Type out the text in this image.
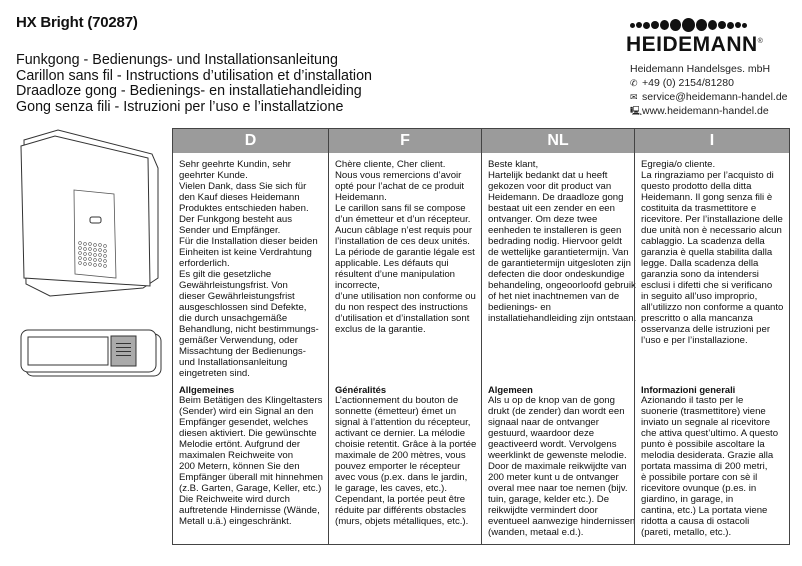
HX Bright (70287)
Funkgong - Bedienungs- und Installationsanleitung
Carillon sans fil - Instructions d’utilisation et d’installation
Draadloze gong - Bedienings- en installatiehandleiding
Gong senza fili - Istruzioni per l’uso e l’installatzione
HEIDEMANN®
Heidemann Handelsges. mbH
✆ +49 (0) 2154/81280
✉ service@heidemann-handel.de
🖳www.heidemann-handel.de
D
Sehr geehrte Kundin, sehr
geehrter Kunde.
Vielen Dank, dass Sie sich für
den Kauf dieses Heidemann
Produktes entschieden haben.
Der Funkgong besteht aus
Sender und Empfänger.
Für die Installation dieser beiden
Einheiten ist keine Verdrahtung
erforderlich.
Es gilt die gesetzliche
Gewährleistungsfrist. Von
dieser Gewährleistungsfrist
ausgeschlossen sind Defekte,
die durch unsachgemäße
Behandlung, nicht bestimmungs-
gemäßer Verwendung, oder
Missachtung der Bedienungs-
und Installationsanleitung
eingetreten sind.
Allgemeines
Beim Betätigen des Klingeltasters
(Sender) wird ein Signal an den
Empfänger gesendet, welches
diesen aktiviert. Die gewünschte
Melodie ertönt. Aufgrund der
maximalen Reichweite von
200 Metern, können Sie den
Empfänger überall mit hinnehmen
(z.B. Garten, Garage, Keller, etc.)
Die Reichweite wird durch
auftretende Hindernisse (Wände,
Metall u.ä.) eingeschränkt.
F
Chère cliente, Cher client.
Nous vous remercions d’avoir
opté pour l’achat de ce produit
Heidemann.
Le carillon sans fil se compose
d’un émetteur et d’un récepteur.
Aucun câblage n’est requis pour
l’installation de ces deux unités.
La période de garantie légale est
applicable. Les défauts qui
résultent d’une manipulation
incorrecte,
d’une utilisation non conforme ou
du non respect des instructions
d’utilisation et d’installation sont
exclus de la garantie.
Généralités
L’actionnement du bouton de
sonnette (émetteur) émet un
signal à l’attention du récepteur,
activant ce dernier. La mélodie
choisie retentit. Grâce à la portée
maximale de 200 mètres, vous
pouvez emporter le récepteur
avec vous (p.ex. dans le jardin,
le garage, les caves, etc.).
Cependant, la portée peut être
réduite par différents obstacles
(murs, objets métalliques, etc.).
NL
Beste klant,
Hartelijk bedankt dat u heeft
gekozen voor dit product van
Heidemann. De draadloze gong
bestaat uit een zender en een
ontvanger. Om deze twee
eenheden te installeren is geen
bedrading nodig. Hiervoor geldt
de wettelijke garantietermijn. Van
de garantietermijn uitgesloten zijn
defecten die door ondeskundige
behandeling, ongeoorloofd gebruik
of het niet inachtnemen van de
bedienings- en
installatiehandleiding zijn ontstaan.
Algemeen
Als u op de knop van de gong
drukt (de zender) dan wordt een
signaal naar de ontvanger
gestuurd, waardoor deze
geactiveerd wordt. Vervolgens
weerklinkt de gewenste melodie.
Door de maximale reikwijdte van
200 meter kunt u de ontvanger
overal mee naar toe nemen (bijv.
tuin, garage, kelder etc.). De
reikwijdte vermindert door
eventueel aanwezige hindernissen
(wanden, metaal e.d.).
I
Egregia/o cliente.
La ringraziamo per l’acquisto di
questo prodotto della ditta
Heidemann. Il gong senza fili è
costituita da trasmettitore e
ricevitore. Per l’installazione delle
due unità non è necessario alcun
cablaggio. La scadenza della
garanzia è quella stabilita dalla
legge. Dalla scadenza della
garanzia sono da intendersi
esclusi i difetti che si verificano
in seguito all’uso improprio,
all’utilizzo non conforme a quanto
prescritto o alla mancanza
osservanza delle istruzioni per
l’uso e per l’installazione.
Informazioni generali
Azionando il tasto per le
suonerie (trasmettitore) viene
inviato un segnale al ricevitore
che attiva quest’ultimo. A questo
punto è possibile ascoltare la
melodia desiderata. Grazie alla
portata massima di 200 metri,
è possibile portare con sè il
ricevitore ovunque (p.es. in
giardino, in garage, in
cantina, etc.) La portata viene
ridotta a causa di ostacoli
(pareti, metallo, etc.).
